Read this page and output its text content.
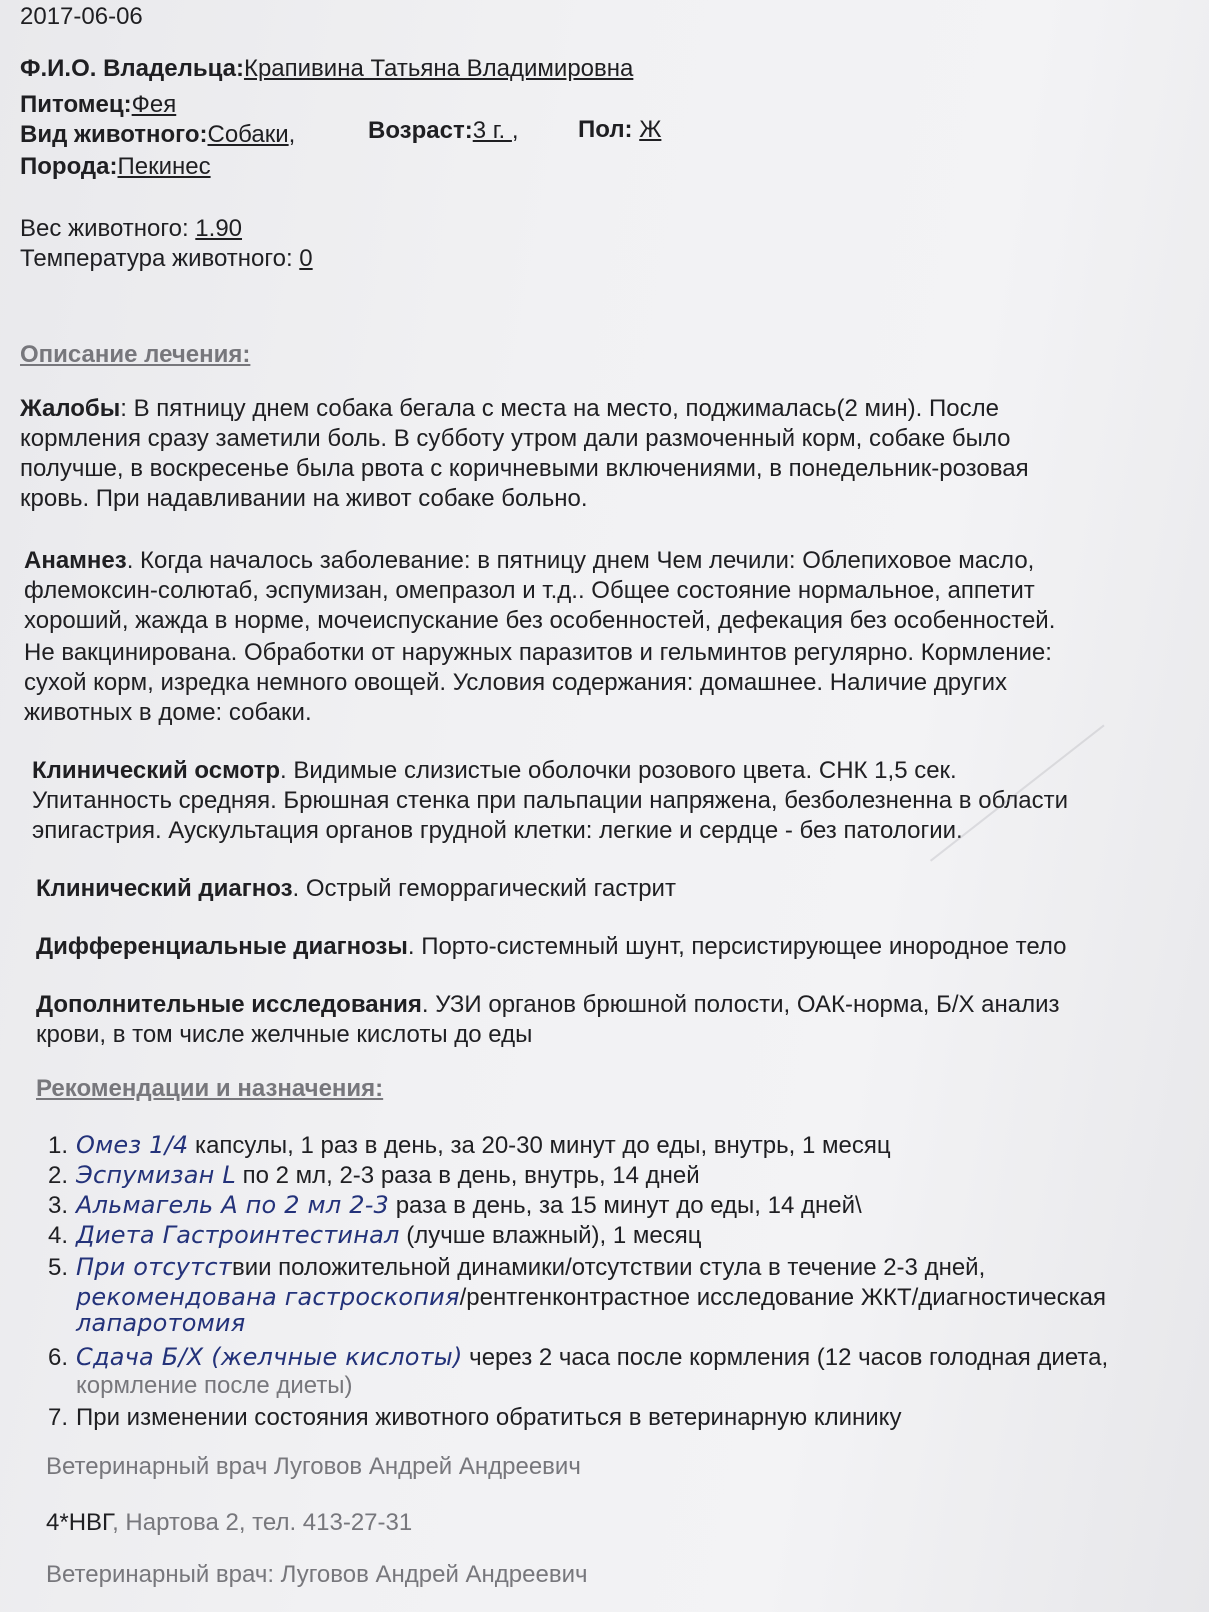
2017-06-06
Ф.И.О. Владельца:Крапивина Татьяна Владимировна
Питомец:Фея
Вид животного:Собаки,	Возраст:3 г. , Пол: Ж
Порода:Пекинес
Вес животного: 1.90
Температура животного: 0
Описание лечения:
Жалобы: В пятницу днем собака бегала с места на место, поджималась(2 мин). После
кормления сразу заметили боль. В субботу утром дали размоченный корм, собаке было
получше, в воскресенье была рвота с коричневыми включениями, в понедельник-розовая
кровь. При надавливании на живот собаке больно.
Анамнез. Когда началось заболевание: в пятницу днем Чем лечили: Облепиховое масло,
флемоксин-солютаб, эспумизан, омепразол и т.д.. Общее состояние нормальное, аппетит
хороший, жажда в норме, мочеиспускание без особенностей, дефекация без особенностей.
Не вакцинирована. Обработки от наружных паразитов и гельминтов регулярно. Кормление:
сухой корм, изредка немного овощей. Условия содержания: домашнее. Наличие других
животных в доме: собаки.
Клинический осмотр. Видимые слизистые оболочки розового цвета. СНК 1,5 сек.
Упитанность средняя. Брюшная стенка при пальпации напряжена, безболезненна в области
эпигастрия. Аускультация органов грудной клетки: легкие и сердце - без патологии.
Клинический диагноз. Острый геморрагический гастрит
Дифференциальные диагнозы. Порто-системный шунт, персистирующее инородное тело
Дополнительные исследования. УЗИ органов брюшной полости, ОАК-норма, Б/Х анализ
крови, в том числе желчные кислоты до еды
Рекомендации и назначения:
1. Омез 1/4 капсулы, 1 раз в день, за 20-30 минут до еды, внутрь, 1 месяц
2. Эспумизан L по 2 мл, 2-3 раза в день, внутрь, 14 дней
3. Альмагель А по 2 мл 2-3 раза в день, за 15 минут до еды, 14 дней\
4. Диета Гастроинтестинал (лучше влажный), 1 месяц
5. При отсутствии положительной динамики/отсутствии стула в течение 2-3 дней,
рекомендована гастроскопия/рентгенконтрастное исследование ЖКТ/диагностическая
лапаротомия
6. Сдача Б/Х (желчные кислоты) через 2 часа после кормления (12 часов голодная диета,
кормление после диеты)
7. При изменении состояния животного обратиться в ветеринарную клинику
Ветеринарный врач Луговов Андрей Андреевич
4*НВГ, Нартова 2, тел. 413-27-31
Ветеринарный врач: Луговов Андрей Андреевич
